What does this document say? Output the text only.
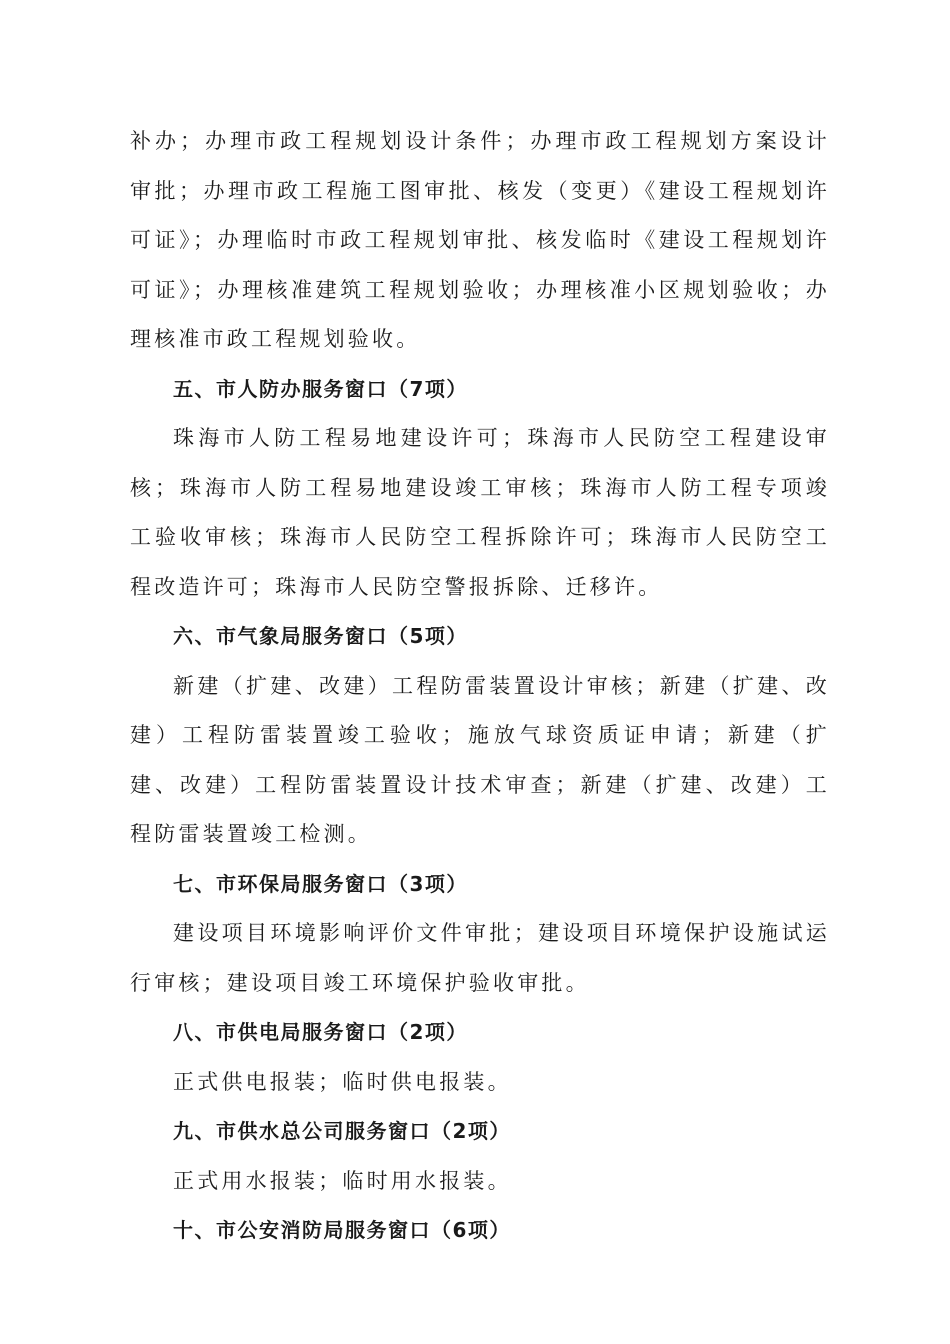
补办；办理市政工程规划设计条件；办理市政工程规划方案设计审批；办理市政工程施工图审批、核发（变更）《建设工程规划许可证》；办理临时市政工程规划审批、核发临时《建设工程规划许可证》；办理核准建筑工程规划验收；办理核准小区规划验收；办理核准市政工程规划验收。

五、市人防办服务窗口（7项）

珠海市人防工程易地建设许可；珠海市人民防空工程建设审核；珠海市人防工程易地建设竣工审核；珠海市人防工程专项竣工验收审核；珠海市人民防空工程拆除许可；珠海市人民防空工程改造许可；珠海市人民防空警报拆除、迁移许。

六、市气象局服务窗口（5项）

新建（扩建、改建）工程防雷装置设计审核；新建（扩建、改建）工程防雷装置竣工验收；施放气球资质证申请；新建（扩建、改建）工程防雷装置设计技术审查；新建（扩建、改建）工程防雷装置竣工检测。

七、市环保局服务窗口（3项）

建设项目环境影响评价文件审批；建设项目环境保护设施试运行审核；建设项目竣工环境保护验收审批。

八、市供电局服务窗口（2项）

正式供电报装；临时供电报装。

九、市供水总公司服务窗口（2项）

正式用水报装；临时用水报装。

十、市公安消防局服务窗口（6项）
